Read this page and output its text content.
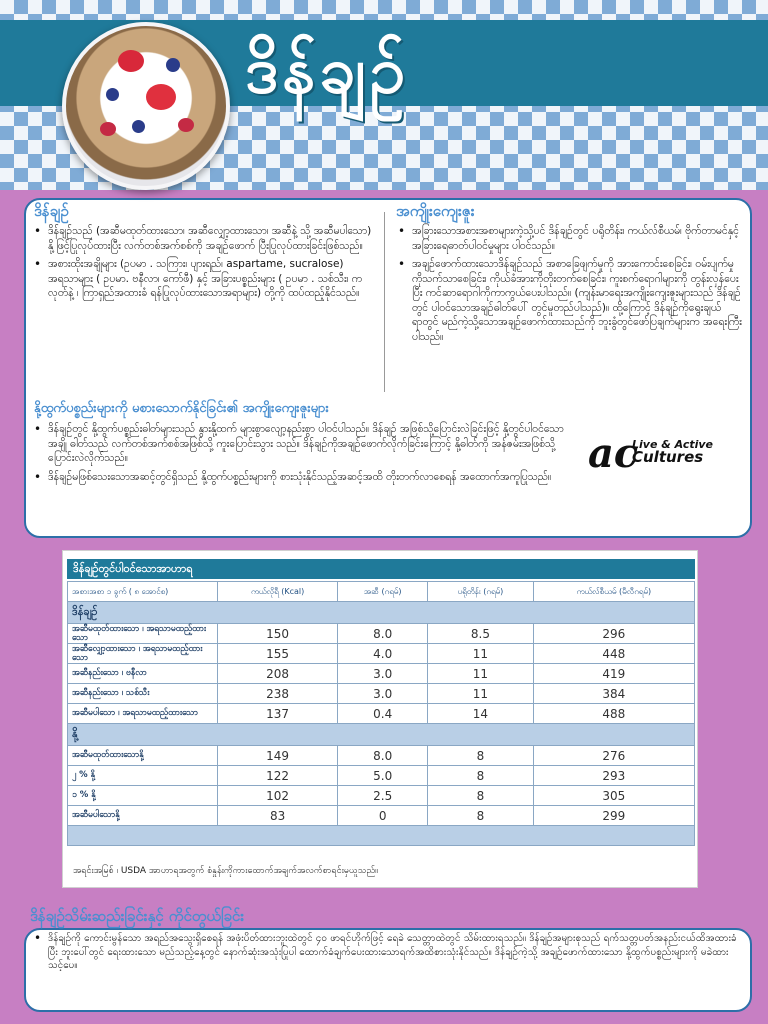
ဒိန်ချဉ်
ဒိန်ချဉ်
• ဒိန်ချဉ်သည် (အဆီမထုတ်ထားသော၊ အဆီလျှော့ထားသော၊ အဆီနဲ့ သို့ အဆီမပါသော) နို့ဖြင့်ပြုလုပ်ထားပြီး လက်တစ်အက်စစ်ကို အချဉ်ဖောက် ပြီးပြုလုပ်ထားခြင်းဖြစ်သည်။
• အစားထိုးအချိုများ (ဥပမာ . သကြား၊ ပျားရည်၊ aspartame, sucralose) အရသာများ ( ဥပမာ. ဗနီလာ၊ ကော်ဖီ) နှင့် အခြားပစ္စည်းများ ( ဥပမာ . သစ်သီး၊ ကလုတ်နဲ့ ၊ ကြာရှည်အထားခံ ရန်ပြုလုပ်ထားသောအရာများ) တို့ကို ထပ်ထည့်နိုင်သည်။
အကျိုးကျေးဇူး
• အခြားသောအစားအစာများကဲ့သို့ပင် ဒိန်ချဉ်တွင် ပရိုတိန်း၊ ကယ်လ်စီယမ်၊ ဗိုက်တာမင်နှင့် အခြားရေဓာတ်ပါဝင်မှုများ ပါဝင်သည်။
• အချဉ်ဖောက်ထားသောဒိန်ချဉ်သည် အစာခြေဖျက်မှုကို အားကောင်းစေခြင်း၊ ဝမ်းပျက်မှုကိုသက်သာစေခြင်း၊ ကိုယ်ခံအားကိုတိုးတက်စေခြင်း၊ ကူးစက်ရောဂါများကို တွန်းလှန်ပေးပြီး ကင်ဆာရောဂါကိုကာကွယ်ပေးပါသည်။ (ကျန်းမာရေးအကျိုးကျေးဇူးများသည် ဒိန်ချဉ်တွင် ပါဝင်သောအချဉ်ဓါတ်ပေါ် တွင်မူတည်ပါသည်)။ ထို့ကြောင့် ဒိန်ချဉ်ကိုရွေးချယ်ရာတွင် မည်ကဲ့သို့သောအချဉ်ဖောက်ထားသည်ကို ဘူးခွံတွင်ဖော်ပြချက်များက အရေးကြီးပါသည်။
နို့ထွက်ပစ္စည်းများကို မစားသောက်နိုင်ခြင်း၏ အကျိုးကျေးဇူးများ
• ဒိန်ချဉ်တွင် နို့ထွက်ပစ္စည်းဓါတ်များသည် နွားနို့ထက် များစွာလျော့နည်းစွာ ပါဝင်ပါသည်။ ဒိန်ချဉ် အဖြစ်သို့ပြောင်းလဲခြင်းဖြင့် နို့တွင်ပါဝင်သောအချို ဓါတ်သည် လက်တစ်အက်စစ်အဖြစ်သို့ ကူးပြောင်းသွား သည်။ ဒိန်ချဉ်ကိုအချဉ်ဖောက်လိုက်ခြင်းကြောင့် နို့ဓါတ်ကို အန်ဇမ်းအဖြစ်သို့ပြောင်းလဲလိုက်သည်။
• ဒိန်ချဉ်မဖြစ်သေးသောအဆင့်တွင်ရှိသည် နို့ထွက်ပစ္စည်းများကို စားသုံးနိုင်သည့်အဆင့်အထိ တိုးတက်လာစေရန် အထောက်အကူပြုသည်။ ac
Live & Active
Cultures
ဒိန်ချဉ်တွင်ပါဝင်သောအာဟာရ
အစားအစာ ၁ ခွက် ( ၈ အောင်စ)	ကယ်လိုရီ (Kcal)	အဆီ (ဂရမ်)	ပရိုတိန်း (ဂရမ်)	ကယ်လ်စီယမ် (မီလီဂရမ်)
ဒိန်ချဉ်				
အဆီမထုတ်ထားသော ၊ အရသာမထည့်ထားသော	150	8.0	8.5	296
အဆီလျှော့ထားသော ၊ အရသာမထည့်ထားသော	155	4.0	11	448
အဆီနည်းသော ၊ ဗနီလာ	208	3.0	11	419
အဆီနည်းသော ၊ သစ်သီး	238	3.0	11	384
အဆီမပါသော ၊ အရသာမထည့်ထားသော	137	0.4	14	488
နို့				
အဆီမထုတ်ထားသောနို့	149	8.0	8	276
၂ % နို့	122	5.0	8	293
၁ % နို့	102	2.5	8	305
အဆီမပါသောနို့	83	0	8	299

အရင်းအမြစ် ၊ USDA အာဟာရအတွက် စံနှုန်းကိုကားထောက်အချက်အလက်စာရင်းမှယူသည်။
ဒိန်ချဉ်သိမ်းဆည်းခြင်းနှင့် ကိုင်တွယ်ခြင်း
• ဒိန်ချဉ်ကို ကောင်းမွန်သော အရည်အသွေးရှိစေရန် အဖုံးပိတ်ထားဘူးထဲတွင် ၄၀ ဖာရင်ဟိုက်ဖြင့် ရေခဲ သေတ္တာထဲတွင် သိမ်းထားရသည်။ ဒိန်ချဉ်အများစုသည် ရက်သတ္တပတ်အနည်းငယ်ထိအထားခံပြီး ဘူးပေါ်တွင် ရေးထားသော မည်သည့်နေ့တွင် နောက်ဆုံးအသုံးပြုပါ ထောက်ခံချက်ပေးထားသောရက်အထိစားသုံးနိုင်သည်။ ဒိန်ချဉ်ကဲ့သို့ အချဉ်ဖောက်ထားသော နို့ထွက်ပစ္စည်းများကို မခဲထားသင့်ပေ။
